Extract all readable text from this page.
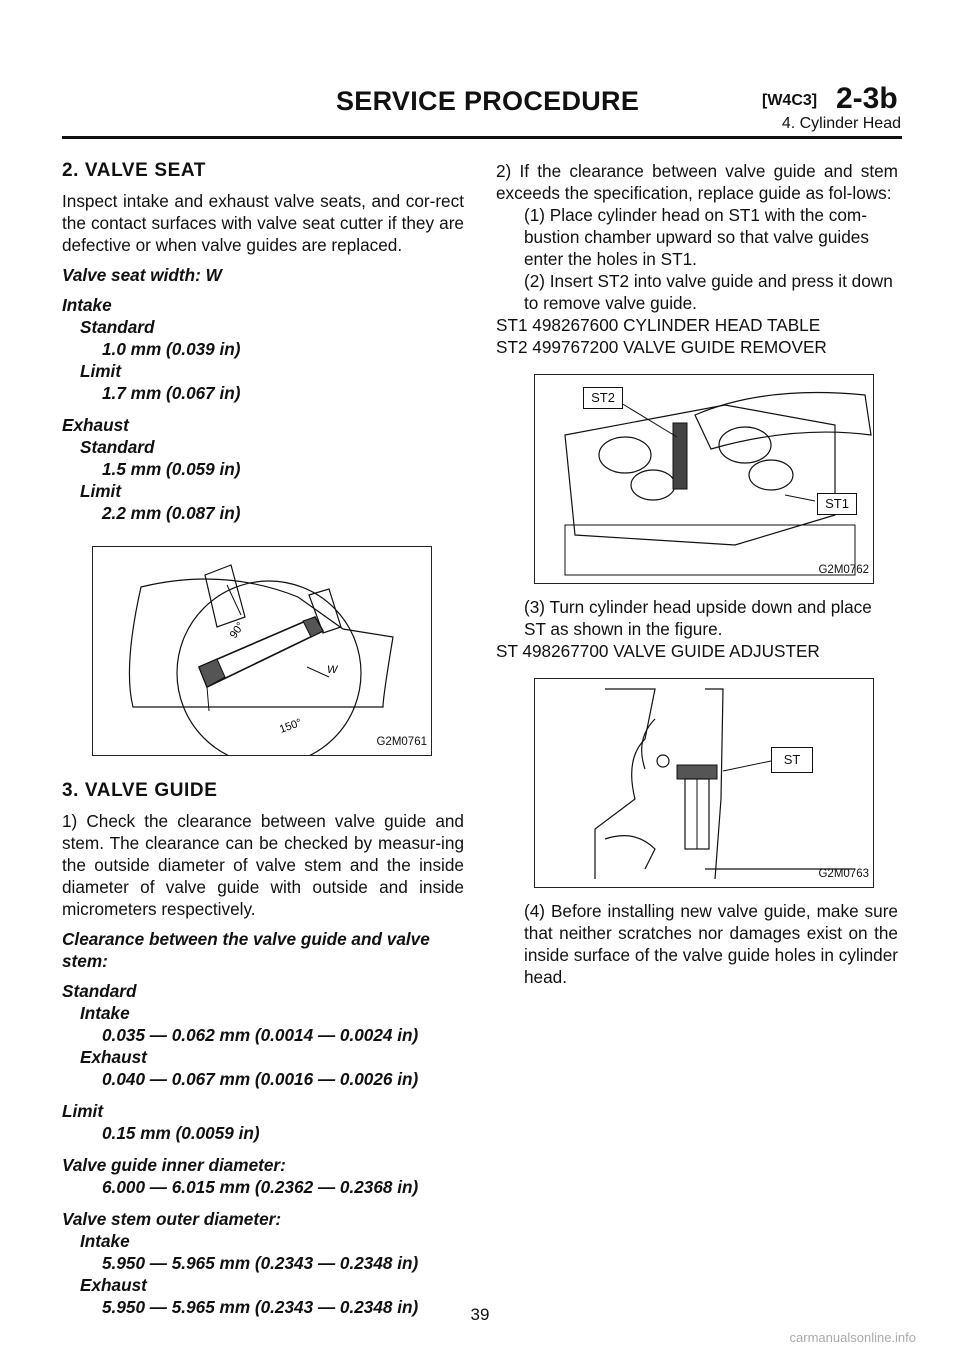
SERVICE PROCEDURE	[W4C3] 2-3b
4. Cylinder Head
2. VALVE SEAT

Inspect intake and exhaust valve seats, and cor-rect the contact surfaces with valve seat cutter if they are defective or when valve guides are replaced.

Valve seat width: W

Intake
Standard
1.0 mm (0.039 in)
Limit
1.7 mm (0.067 in)
Exhaust
Standard
1.5 mm (0.059 in)
Limit
2.2 mm (0.087 in)
90°
W
150°
G2M0761
3. VALVE GUIDE

1) Check the clearance between valve guide and stem. The clearance can be checked by measur-ing the outside diameter of valve stem and the inside diameter of valve guide with outside and inside micrometers respectively.

Clearance between the valve guide and valve stem:

Standard
Intake
0.035 — 0.062 mm (0.0014 — 0.0024 in)
Exhaust
0.040 — 0.067 mm (0.0016 — 0.0026 in)
Limit
0.15 mm (0.0059 in)
Valve guide inner diameter:
6.000 — 6.015 mm (0.2362 — 0.2368 in)
Valve stem outer diameter:
Intake
5.950 — 5.965 mm (0.2343 — 0.2348 in)
Exhaust
5.950 — 5.965 mm (0.2343 — 0.2348 in)

2) If the clearance between valve guide and stem exceeds the specification, replace guide as fol-lows:

(1) Place cylinder head on ST1 with the com-bustion chamber upward so that valve guides enter the holes in ST1.
(2) Insert ST2 into valve guide and press it down to remove valve guide.
ST1 498267600 CYLINDER HEAD TABLE
ST2 499767200 VALVE GUIDE REMOVER
ST2
ST1
G2M0762
(3) Turn cylinder head upside down and place ST as shown in the figure.
ST 498267700 VALVE GUIDE ADJUSTER
ST
G2M0763
(4) Before installing new valve guide, make sure that neither scratches nor damages exist on the inside surface of the valve guide holes in cylinder head.
39
carmanualsonline.info
